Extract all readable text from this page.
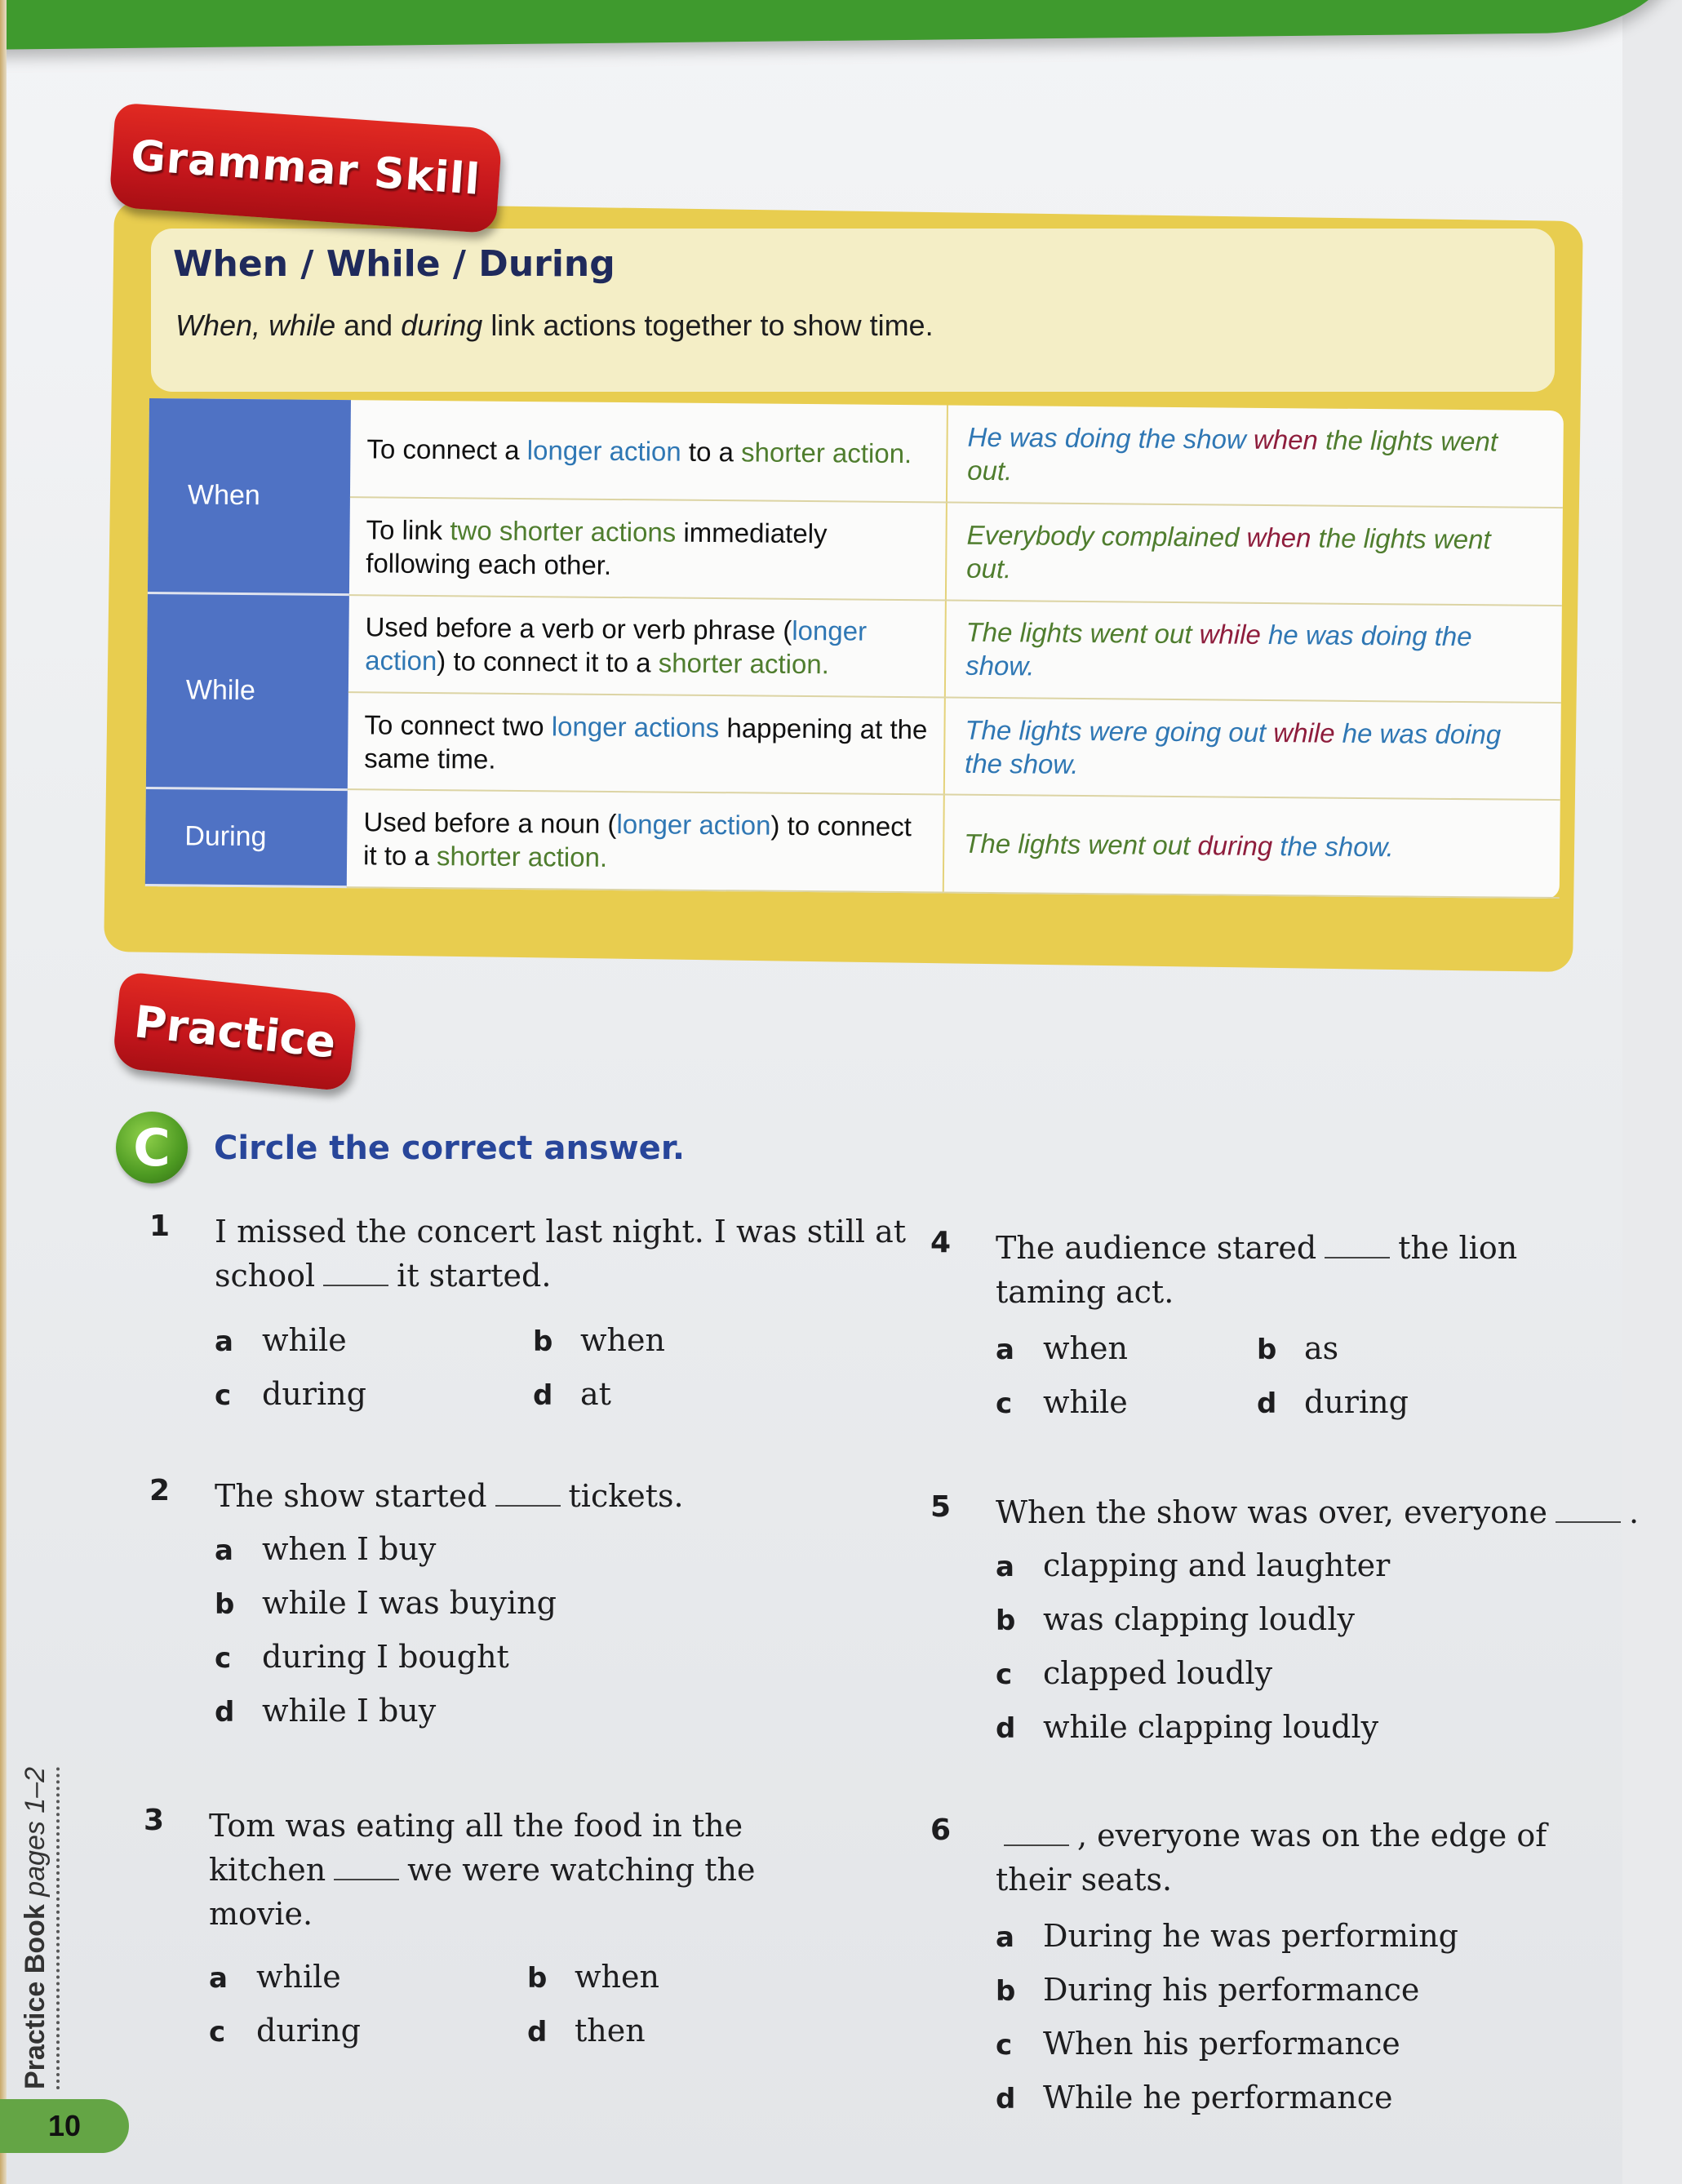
Grammar Skill
When / While / During
When, while and during link actions together to show time.
When	To connect a longer action to a shorter action.	He was doing the show when the lights went out.
	To link two shorter actions immediately following each other.	Everybody complained when the lights went out.
While	Used before a verb or verb phrase (longer action) to connect it to a shorter action.	The lights went out while he was doing the show.
	To connect two longer actions happening at the same time.	The lights were going out while he was doing the show.
During	Used before a noun (longer action) to connect it to a shorter action.	The lights went out during the show.
Practice
C	Circle the correct answer.
1 I missed the concert last night. I was still at school	it started.
a while	b when
c during	d at
2 The show started	tickets.
a when I buy
b while I was buying
c during I bought
d while I buy
3 Tom was eating all the food in the kitchen	we were watching the movie.
a while	b when
c during	d then
4 The audience stared	the lion taming act.
a when	b as
c while	d during
5 When the show was over, everyone	.
a clapping and laughter
b was clapping loudly
c clapped loudly
d while clapping loudly
6	, everyone was on the edge of their seats.
a During he was performing
b During his performance
c When his performance
d While he performance
Practice Book pages 1–2
10
